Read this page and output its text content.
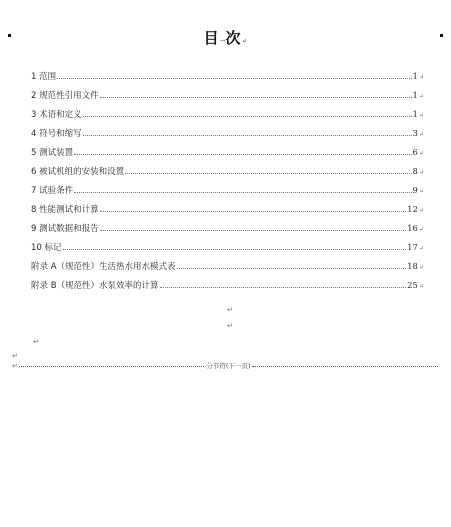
目→次↵
1 范围	1↵
2 规范性引用文件	1↵
3 术语和定义	1↵
4 符号和缩写	3↵
5 测试装置	6↵
6 被试机组的安装和设置	8↵
7 试验条件	9↵
8 性能测试和计算	12↵
9 测试数据和报告	16↵
10 标记	17↵
附录 A（规范性）生活热水用水模式表	18↵
附录 B（规范性）水泵效率的计算	25↵
↵
↵
↵
↵
↵	分节符(下一页)
